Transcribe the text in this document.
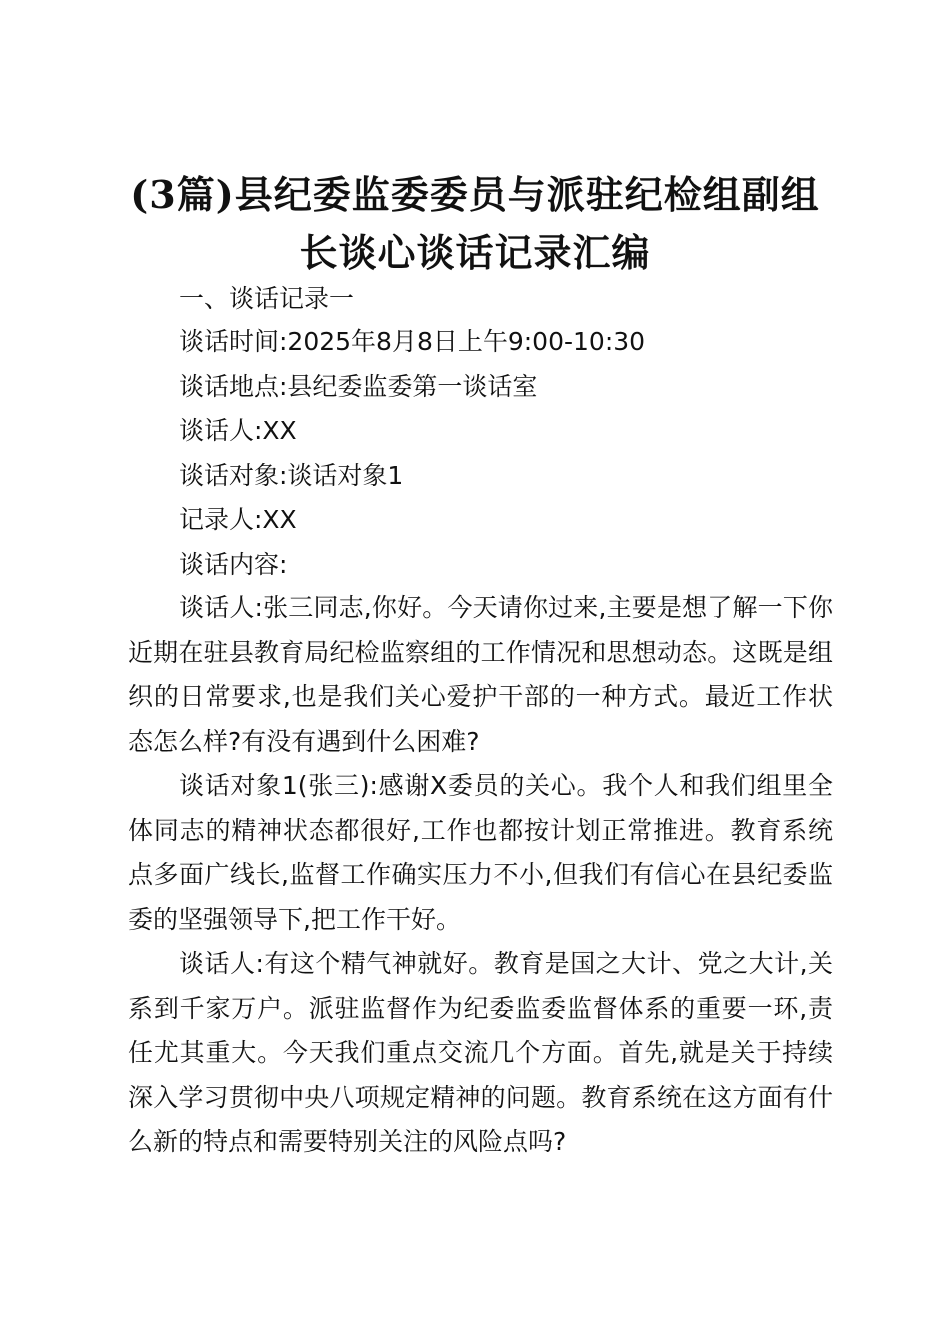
(3篇)县纪委监委委员与派驻纪检组副组长谈心谈话记录汇编

一、谈话记录一

谈话时间:2025年8月8日上午9:00-10:30

谈话地点:县纪委监委第一谈话室

谈话人:XX

谈话对象:谈话对象1

记录人:XX

谈话内容:

谈话人:张三同志,你好。今天请你过来,主要是想了解一下你近期在驻县教育局纪检监察组的工作情况和思想动态。这既是组织的日常要求,也是我们关心爱护干部的一种方式。最近工作状态怎么样?有没有遇到什么困难?

谈话对象1(张三):感谢X委员的关心。我个人和我们组里全体同志的精神状态都很好,工作也都按计划正常推进。教育系统点多面广线长,监督工作确实压力不小,但我们有信心在县纪委监委的坚强领导下,把工作干好。

谈话人:有这个精气神就好。教育是国之大计、党之大计,关系到千家万户。派驻监督作为纪委监委监督体系的重要一环,责任尤其重大。今天我们重点交流几个方面。首先,就是关于持续深入学习贯彻中央八项规定精神的问题。教育系统在这方面有什么新的特点和需要特别关注的风险点吗?
